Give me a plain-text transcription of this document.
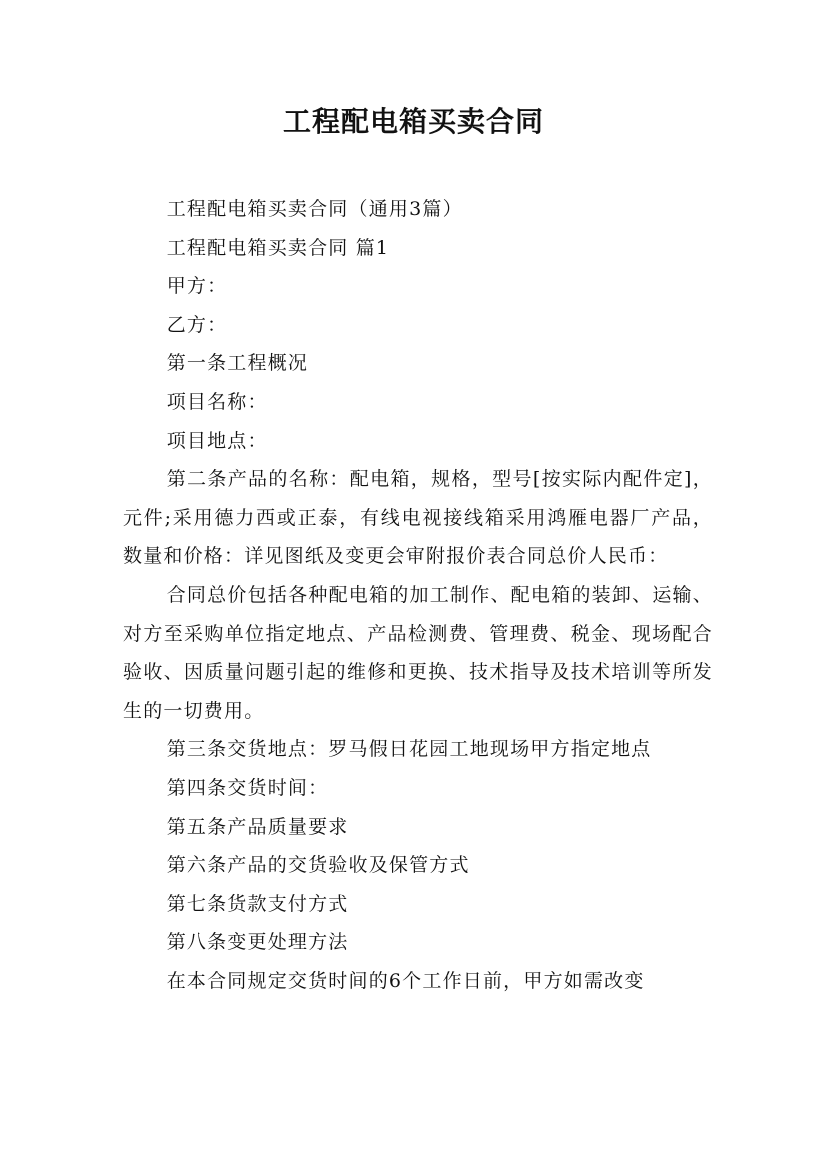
工程配电箱买卖合同

工程配电箱买卖合同（通用3篇）

工程配电箱买卖合同 篇1

甲方：

乙方：

第一条工程概况

项目名称：

项目地点：

第二条产品的名称：配电箱，规格，型号[按实际内配件定]，元件;采用德力西或正泰，有线电视接线箱采用鸿雁电器厂产品，数量和价格：详见图纸及变更会审附报价表合同总价人民币：

合同总价包括各种配电箱的加工制作、配电箱的装卸、运输、对方至采购单位指定地点、产品检测费、管理费、税金、现场配合验收、因质量问题引起的维修和更换、技术指导及技术培训等所发生的一切费用。

第三条交货地点：罗马假日花园工地现场甲方指定地点

第四条交货时间：

第五条产品质量要求

第六条产品的交货验收及保管方式

第七条货款支付方式

第八条变更处理方法

在本合同规定交货时间的6个工作日前，甲方如需改变
